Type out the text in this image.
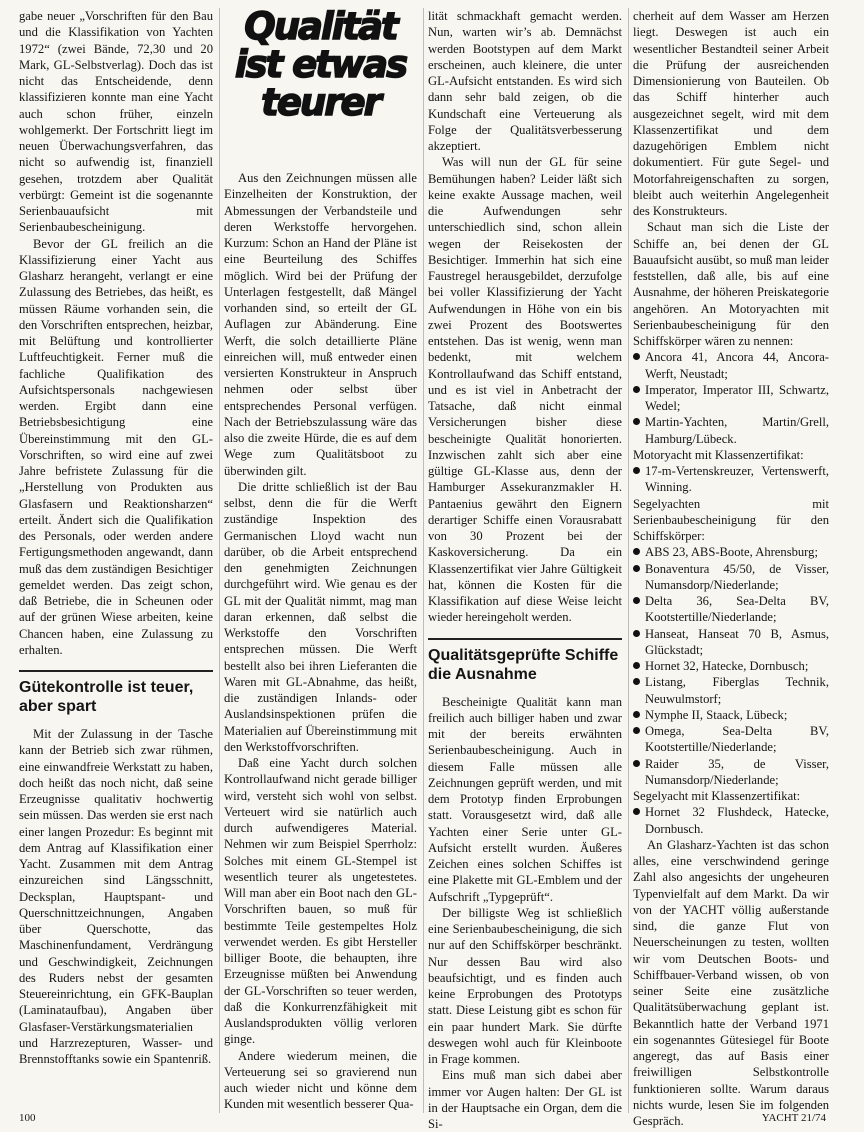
gabe neuer „Vorschriften für den Bau und die Klassifikation von Yachten 1972“ (zwei Bände, 72,30 und 20 Mark, GL-Selbstverlag). Doch das ist nicht das Entscheidende, denn klassifizieren konnte man eine Yacht auch schon früher, einzeln wohlgemerkt. Der Fortschritt liegt im neuen Überwachungsverfahren, das nicht so aufwendig ist, finanziell gesehen, trotzdem aber Qualität verbürgt: Gemeint ist die sogenannte Serienbauaufsicht mit Serienbaubescheinigung.

Bevor der GL freilich an die Klassifizierung einer Yacht aus Glasharz herangeht, verlangt er eine Zulassung des Betriebes, das heißt, es müssen Räume vorhanden sein, die den Vorschriften entsprechen, heizbar, mit Belüftung und kontrollierter Luftfeuchtigkeit. Ferner muß die fachliche Qualifikation des Aufsichtspersonals nachgewiesen werden. Ergibt dann eine Betriebsbesichtigung eine Übereinstimmung mit den GL-Vorschriften, so wird eine auf zwei Jahre befristete Zulassung für die „Herstellung von Produkten aus Glasfasern und Reaktionsharzen“ erteilt. Ändert sich die Qualifikation des Personals, oder werden andere Fertigungsmethoden angewandt, dann muß das dem zuständigen Besichtiger gemeldet werden. Das zeigt schon, daß Betriebe, die in Scheunen oder auf der grünen Wiese arbeiten, keine Chancen haben, eine Zulassung zu erhalten.

Gütekontrolle ist teuer, aber spart

Mit der Zulassung in der Tasche kann der Betrieb sich zwar rühmen, eine einwandfreie Werkstatt zu haben, doch heißt das noch nicht, daß seine Erzeugnisse qualitativ hochwertig sein müssen. Das werden sie erst nach einer langen Prozedur: Es beginnt mit dem Antrag auf Klassifikation einer Yacht. Zusammen mit dem Antrag einzureichen sind Längsschnitt, Decksplan, Hauptspant- und Querschnittzeichnungen, Angaben über Querschotte, das Maschinenfundament, Verdrängung und Geschwindigkeit, Zeichnungen des Ruders nebst der gesamten Steuereinrichtung, ein GFK-Bauplan (Laminataufbau), Angaben über Glasfaser-Verstärkungsmaterialien und Harzrezepturen, Wasser- und Brennstofftanks sowie ein Spantenriß.

Qualität
ist etwas
teurer

Aus den Zeichnungen müssen alle Einzelheiten der Konstruktion, der Abmessungen der Verbandsteile und deren Werkstoffe hervorgehen. Kurzum: Schon an Hand der Pläne ist eine Beurteilung des Schiffes möglich. Wird bei der Prüfung der Unterlagen festgestellt, daß Mängel vorhanden sind, so erteilt der GL Auflagen zur Abänderung. Eine Werft, die solch detaillierte Pläne einreichen will, muß entweder einen versierten Konstrukteur in Anspruch nehmen oder selbst über entsprechendes Personal verfügen. Nach der Betriebszulassung wäre das also die zweite Hürde, die es auf dem Wege zum Qualitätsboot zu überwinden gilt.

Die dritte schließlich ist der Bau selbst, denn die für die Werft zuständige Inspektion des Germanischen Lloyd wacht nun darüber, ob die Arbeit entsprechend den genehmigten Zeichnungen durchgeführt wird. Wie genau es der GL mit der Qualität nimmt, mag man daran erkennen, daß selbst die Werkstoffe den Vorschriften entsprechen müssen. Die Werft bestellt also bei ihren Lieferanten die Waren mit GL-Abnahme, das heißt, die zuständigen Inlands- oder Auslandsinspektionen prüfen die Materialien auf Übereinstimmung mit den Werkstoffvorschriften.

Daß eine Yacht durch solchen Kontrollaufwand nicht gerade billiger wird, versteht sich wohl von selbst. Verteuert wird sie natürlich auch durch aufwendigeres Material. Nehmen wir zum Beispiel Sperrholz: Solches mit einem GL-Stempel ist wesentlich teurer als ungetestetes. Will man aber ein Boot nach den GL-Vorschriften bauen, so muß für bestimmte Teile gestempeltes Holz verwendet werden. Es gibt Hersteller billiger Boote, die behaupten, ihre Erzeugnisse müßten bei Anwendung der GL-Vorschriften so teuer werden, daß die Konkurrenzfähigkeit mit Auslandsprodukten völlig verloren ginge.

Andere wiederum meinen, die Verteuerung sei so gravierend nun auch wieder nicht und könne dem Kunden mit wesentlich besserer Qua-

lität schmackhaft gemacht werden. Nun, warten wir’s ab. Demnächst werden Bootstypen auf dem Markt erscheinen, auch kleinere, die unter GL-Aufsicht entstanden. Es wird sich dann sehr bald zeigen, ob die Kundschaft eine Verteuerung als Folge der Qualitätsverbesserung akzeptiert.

Was will nun der GL für seine Bemühungen haben? Leider läßt sich keine exakte Aussage machen, weil die Aufwendungen sehr unterschiedlich sind, schon allein wegen der Reisekosten der Besichtiger. Immerhin hat sich eine Faustregel herausgebildet, derzufolge bei voller Klassifizierung der Yacht Aufwendungen in Höhe von ein bis zwei Prozent des Bootswertes entstehen. Das ist wenig, wenn man bedenkt, mit welchem Kontrollaufwand das Schiff entstand, und es ist viel in Anbetracht der Tatsache, daß nicht einmal Versicherungen bisher diese bescheinigte Qualität honorierten. Inzwischen zahlt sich aber eine gültige GL-Klasse aus, denn der Hamburger Assekuranzmakler H. Pantaenius gewährt den Eignern derartiger Schiffe einen Vorausrabatt von 30 Prozent bei der Kaskoversicherung. Da ein Klassenzertifikat vier Jahre Gültigkeit hat, können die Kosten für die Klassifikation auf diese Weise leicht wieder hereingeholt werden.

Qualitätsgeprüfte Schiffe die Ausnahme

Bescheinigte Qualität kann man freilich auch billiger haben und zwar mit der bereits erwähnten Serienbaubescheinigung. Auch in diesem Falle müssen alle Zeichnungen geprüft werden, und mit dem Prototyp finden Erprobungen statt. Vorausgesetzt wird, daß alle Yachten einer Serie unter GL-Aufsicht erstellt wurden. Äußeres Zeichen eines solchen Schiffes ist eine Plakette mit GL-Emblem und der Aufschrift „Typgeprüft“.

Der billigste Weg ist schließlich eine Serienbaubescheinigung, die sich nur auf den Schiffskörper beschränkt. Nur dessen Bau wird also beaufsichtigt, und es finden auch keine Erprobungen des Prototyps statt. Diese Leistung gibt es schon für ein paar hundert Mark. Sie dürfte deswegen wohl auch für Kleinboote in Frage kommen.

Eins muß man sich dabei aber immer vor Augen halten: Der GL ist in der Hauptsache ein Organ, dem die Si-

cherheit auf dem Wasser am Herzen liegt. Deswegen ist auch ein wesentlicher Bestandteil seiner Arbeit die Prüfung der ausreichenden Dimensionierung von Bauteilen. Ob das Schiff hinterher auch ausgezeichnet segelt, wird mit dem Klassenzertifikat und dem dazugehörigen Emblem nicht dokumentiert. Für gute Segel- und Motorfahreigenschaften zu sorgen, bleibt auch weiterhin Angelegenheit des Konstrukteurs.

Schaut man sich die Liste der Schiffe an, bei denen der GL Bauaufsicht ausübt, so muß man leider feststellen, daß alle, bis auf eine Ausnahme, der höheren Preiskategorie angehören. An Motoryachten mit Serienbaubescheinigung für den Schiffskörper wären zu nennen:

Ancora 41, Ancora 44, Ancora-Werft, Neustadt;

Imperator, Imperator III, Schwartz, Wedel;

Martin-Yachten, Martin/Grell, Hamburg/Lübeck.

Motoryacht mit Klassenzertifikat:

17-m-Vertenskreuzer, Vertenswerft, Winning.

Segelyachten mit Serienbaubescheinigung für den Schiffskörper:

ABS 23, ABS-Boote, Ahrensburg;

Bonaventura 45/50, de Visser, Numansdorp/Niederlande;

Delta 36, Sea-Delta BV, Kootstertille/Niederlande;

Hanseat, Hanseat 70 B, Asmus, Glückstadt;

Hornet 32, Hatecke, Dornbusch;

Listang, Fiberglas Technik, Neuwulmstorf;

Nymphe II, Staack, Lübeck;

Omega, Sea-Delta BV, Kootstertille/Niederlande;

Raider 35, de Visser, Numansdorp/Niederlande;

Segelyacht mit Klassenzertifikat:

Hornet 32 Flushdeck, Hatecke, Dornbusch.

An Glasharz-Yachten ist das schon alles, eine verschwindend geringe Zahl also angesichts der ungeheuren Typenvielfalt auf dem Markt. Da wir von der YACHT völlig außerstande sind, die ganze Flut von Neuerscheinungen zu testen, wollten wir vom Deutschen Boots- und Schiffbauer-Verband wissen, ob von seiner Seite eine zusätzliche Qualitätsüberwachung geplant ist. Bekanntlich hatte der Verband 1971 ein sogenanntes Gütesiegel für Boote angeregt, das auf Basis einer freiwilligen Selbstkontrolle funktionieren sollte. Warum daraus nichts wurde, lesen Sie im folgenden Gespräch.

100	YACHT 21/74
